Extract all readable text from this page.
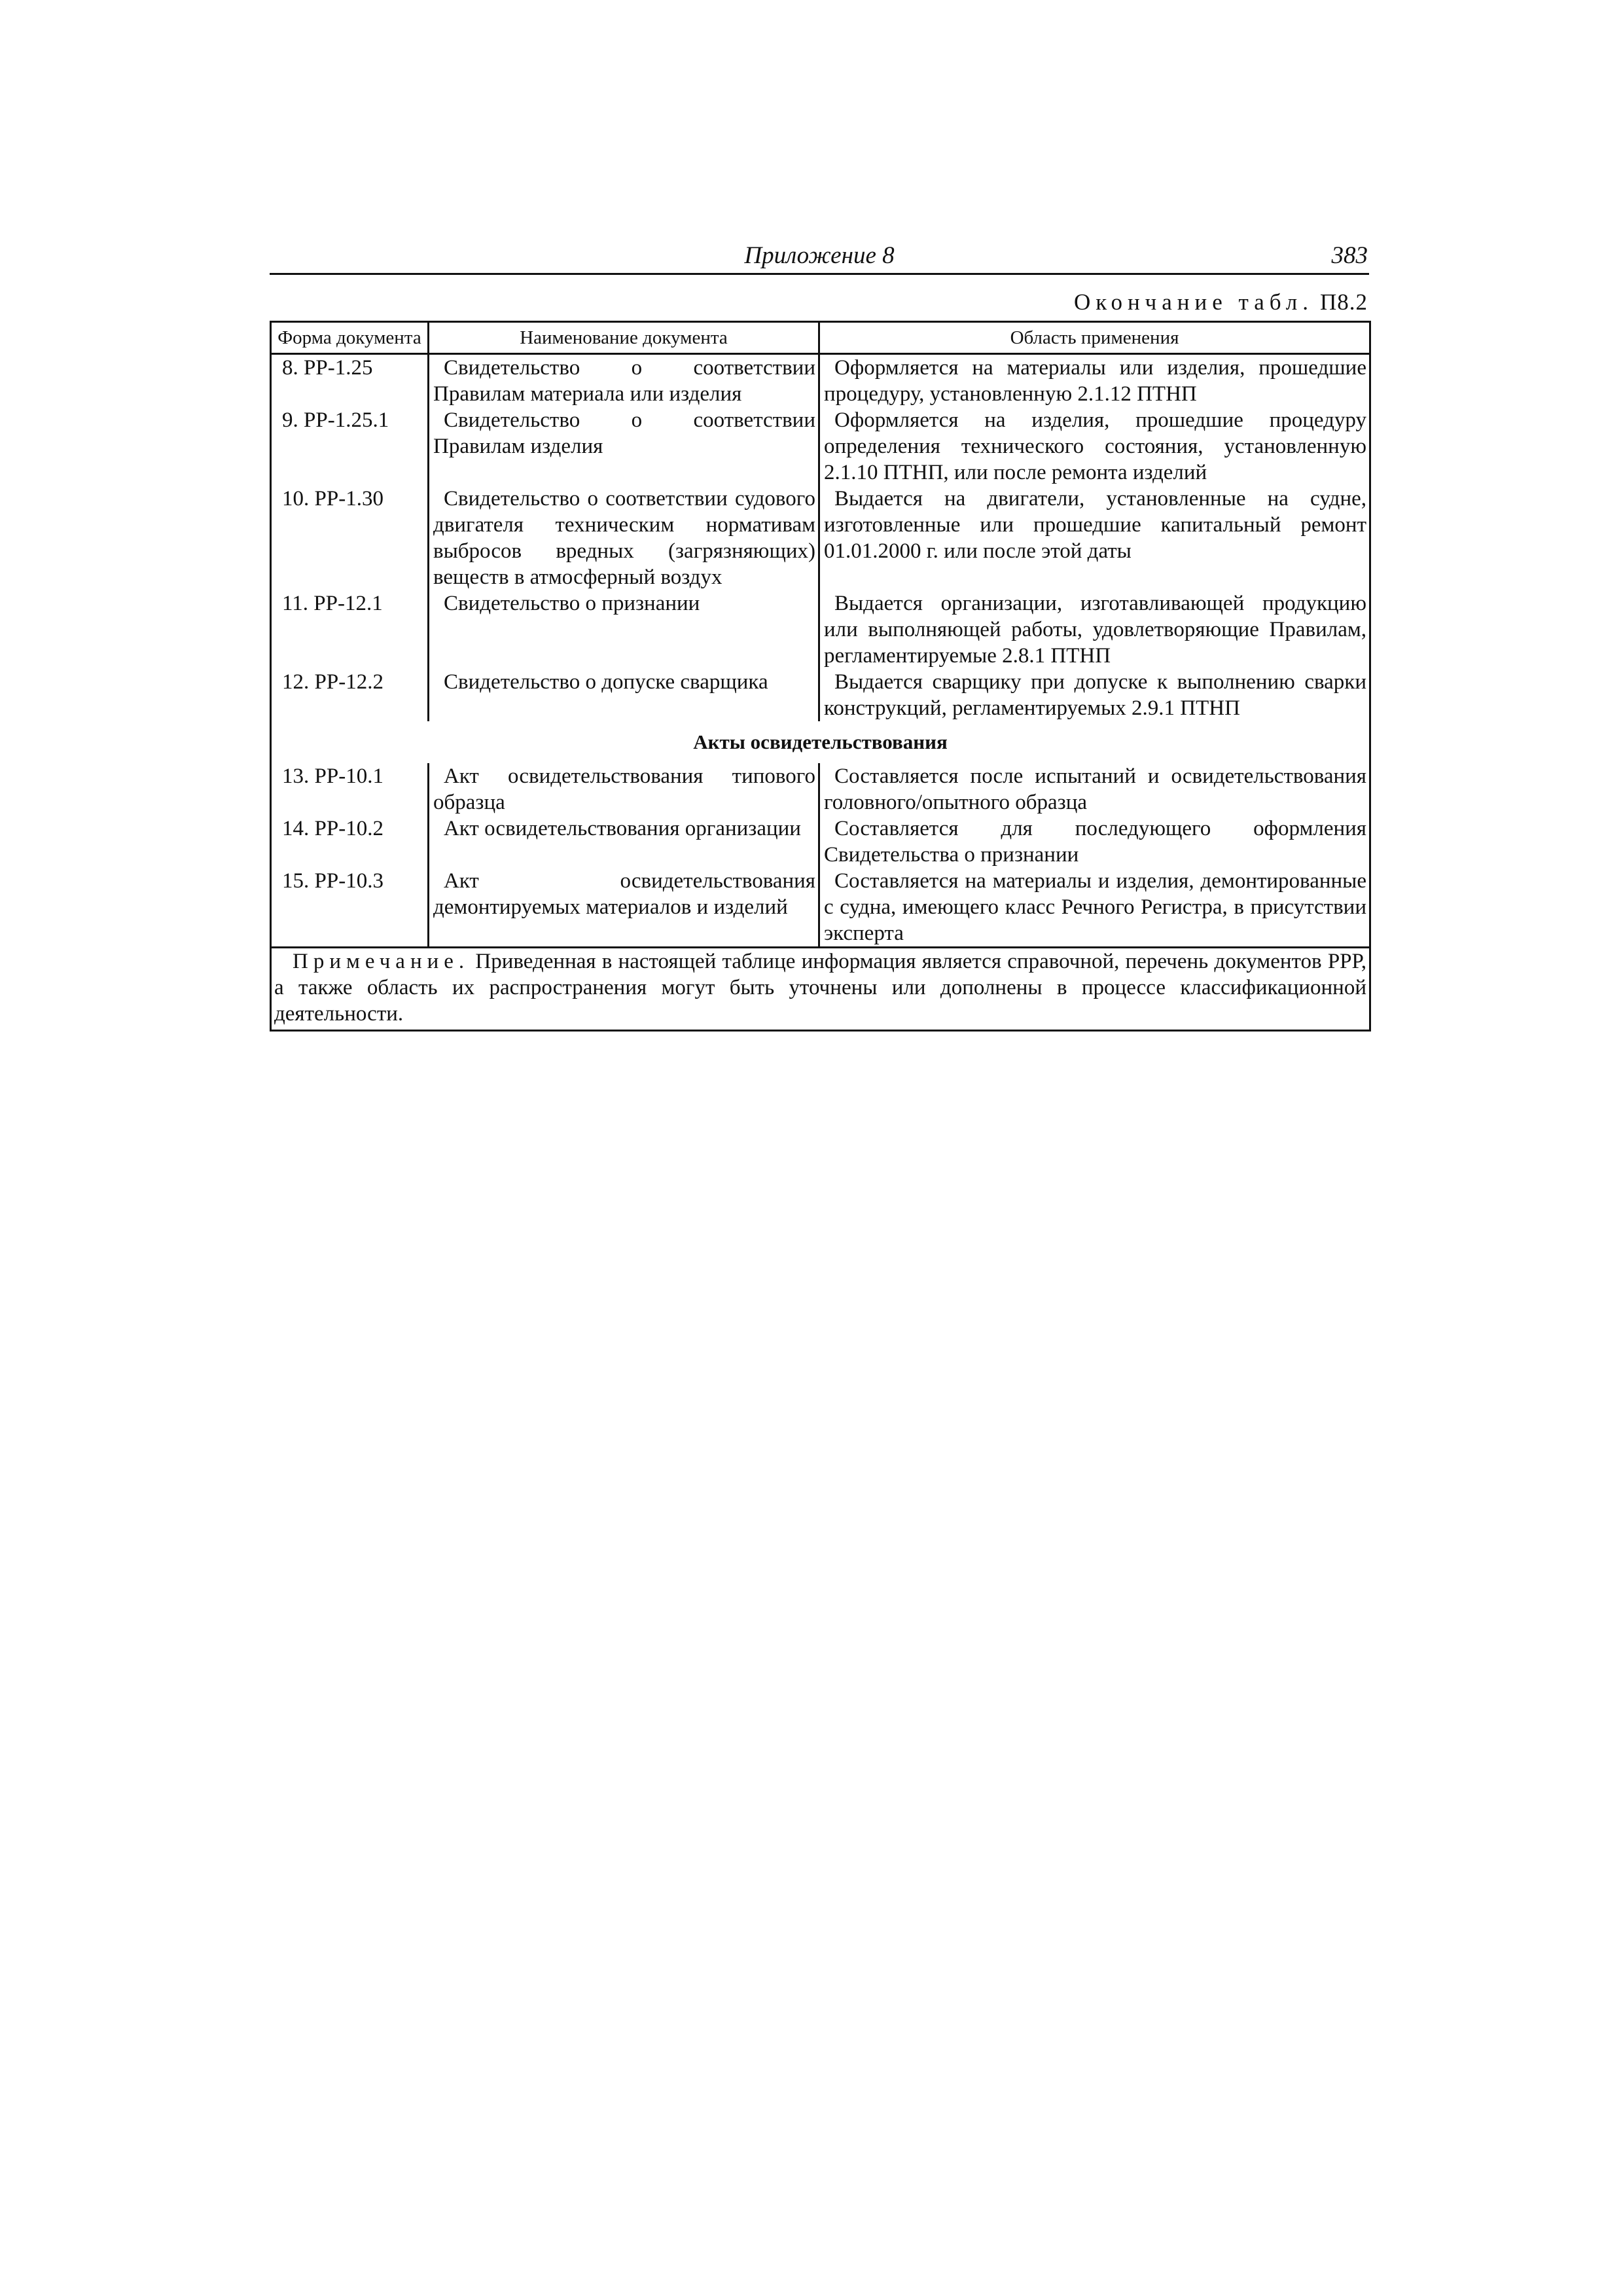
Приложение 8	383
Окончание табл. П8.2
Форма документа	Наименование документа	Область применения
8. РР-1.25	Свидетельство о соответствии Правилам материала или изделия	Оформляется на материалы или изделия, прошедшие процедуру, установленную 2.1.12 ПТНП

9. РР-1.25.1	Свидетельство о соответствии Правилам изделия	Оформляется на изделия, прошедшие процедуру определения технического состояния, установленную 2.1.10 ПТНП, или после ремонта изделий

10. РР-1.30	Свидетельство о соответствии судового двигателя техническим нормативам выбросов вредных (загрязняющих) веществ в атмосферный воздух	Выдается на двигатели, установленные на судне, изготовленные или прошедшие капитальный ремонт 01.01.2000 г. или после этой даты

11. РР-12.1	Свидетельство о признании	Выдается организации, изготавливающей продукцию или выполняющей работы, удовлетворяющие Правилам, регламентируемые 2.8.1 ПТНП

12. РР-12.2	Свидетельство о допуске сварщика	Выдается сварщику при допуске к выполнению сварки конструкций, регламентируемых 2.9.1 ПТНП

Акты освидетельствования		
13. РР-10.1	Акт освидетельствования типового образца	Составляется после испытаний и освидетельствования головного/опытного образца

14. РР-10.2	Акт освидетельствования организации	Составляется для последующего оформления Свидетельства о признании

15. РР-10.3	Акт освидетельствования демонтируемых материалов и изделий	Составляется на материалы и изделия, демонтированные с судна, имеющего класс Речного Регистра, в присутствии эксперта

Примечание. Приведенная в настоящей таблице информация является справочной, перечень документов РРР, а также область их распространения могут быть уточнены или дополнены в процессе классификационной деятельности.		
